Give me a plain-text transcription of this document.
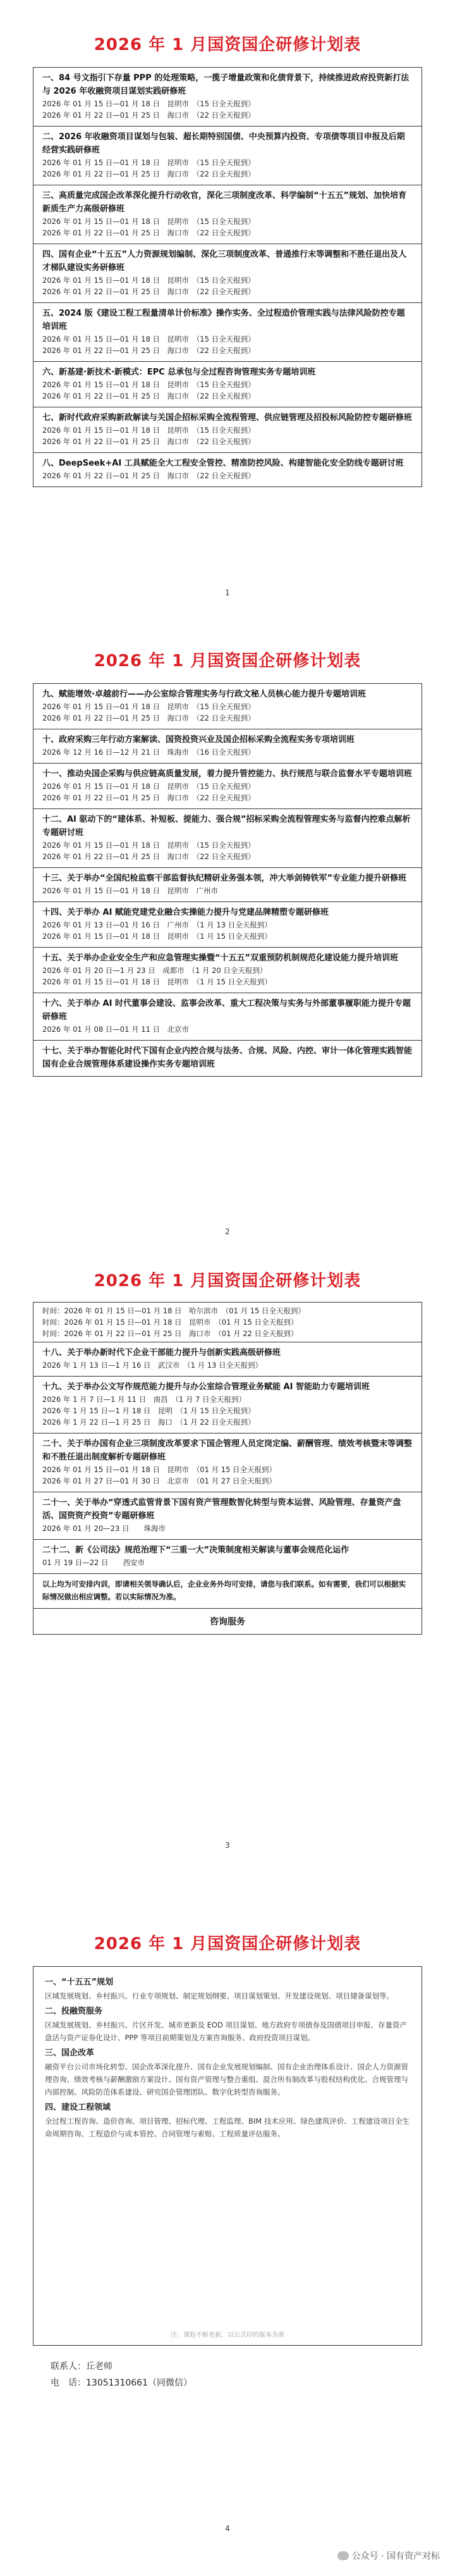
2026 年 1 月国资国企研修计划表
一、84 号文指引下存量 PPP 的处理策略，一揽子增量政策和化债背景下，持续推进政府投资新打法与 2026 年收融资项目谋划实践研修班
2026 年 01 月 15 日—01 月 18 日　昆明市　（15 日全天报到）
2026 年 01 月 22 日—01 月 25 日　海口市　（22 日全天报到）

二、2026 年收融资项目谋划与包装、超长期特别国债、中央预算内投资、专项债等项目申报及后期经营实践研修班
2026 年 01 月 15 日—01 月 18 日　昆明市　（15 日全天报到）
2026 年 01 月 22 日—01 月 25 日　海口市　（22 日全天报到）

三、高质量完成国企改革深化提升行动收官，深化三项制度改革、科学编制“十五五”规划、加快培育新质生产力高级研修班
2026 年 01 月 15 日—01 月 18 日　昆明市　（15 日全天报到）
2026 年 01 月 22 日—01 月 25 日　海口市　（22 日全天报到）

四、国有企业“十五五”人力资源规划编制、深化三项制度改革、普通推行末等调整和不胜任退出及人才梯队建设实务研修班
2026 年 01 月 15 日—01 月 18 日　昆明市　（15 日全天报到）
2026 年 01 月 22 日—01 月 25 日　海口市　（22 日全天报到）

五、2024 版《建设工程工程量清单计价标准》操作实务、全过程造价管理实践与法律风险防控专题培训班
2026 年 01 月 15 日—01 月 18 日　昆明市　（15 日全天报到）
2026 年 01 月 22 日—01 月 25 日　海口市　（22 日全天报到）

六、新基建·新技术·新模式：EPC 总承包与全过程咨询管理实务专题培训班
2026 年 01 月 15 日—01 月 18 日　昆明市　（15 日全天报到）
2026 年 01 月 22 日—01 月 25 日　海口市　（22 日全天报到）

七、新时代政府采购新政解读与关国企招标采购全流程管理、供应链管理及招投标风险防控专题研修班
2026 年 01 月 15 日—01 月 18 日　昆明市　（15 日全天报到）
2026 年 01 月 22 日—01 月 25 日　海口市　（22 日全天报到）

八、DeepSeek+AI 工具赋能全大工程安全管控、精准防控风险、构建智能化安全防线专题研讨班
2026 年 01 月 22 日—01 月 25 日　海口市　（22 日全天报到）
1
2026 年 1 月国资国企研修计划表
九、赋能增效·卓越前行——办公室综合管理实务与行政文秘人员核心能力提升专题培训班
2026 年 01 月 15 日—01 月 18 日　昆明市　（15 日全天报到）
2026 年 01 月 22 日—01 月 25 日　海口市　（22 日全天报到）

十、政府采购三年行动方案解读、国资投资兴业及国企招标采购全流程实务专项培训班
2026 年 12 月 16 日—12 月 21 日　珠海市　（16 日全天报到）

十一、推动央国企采购与供应链高质量发展，着力提升管控能力、执行规范与联合监督水平专题培训班
2026 年 01 月 15 日—01 月 18 日　昆明市　（15 日全天报到）
2026 年 01 月 22 日—01 月 25 日　海口市　（22 日全天报到）

十二、AI 驱动下的“建体系、补短板、提能力、强合规”招标采购全流程管理实务与监督内控难点解析专题研讨班
2026 年 01 月 15 日—01 月 18 日　昆明市　（15 日全天报到）
2026 年 01 月 22 日—01 月 25 日　海口市　（22 日全天报到）

十三、关于举办“全国纪检监察干部监督执纪精研业务强本领，冲大举剑铸铁军”专业能力提升研修班
2026 年 01 月 15 日—01 月 18 日　昆明市　广州市

十四、关于举办 AI 赋能党建党业融合实操能力提升与党建品牌精塑专题研修班
2026 年 01 月 13 日—01 月 16 日　广州市　（1 月 13 日全天报到）
2026 年 01 月 15 日—01 月 18 日　昆明市　（1 月 15 日全天报到）

十五、关于举办企业安全生产和应急管理实操暨“十五五”双重预防机制规范化建设能力提升培训班
2026 年 01 月 20 日—1 月 23 日　成都市　（1 月 20 日全天报到）
2026 年 01 月 15 日—01 月 18 日　昆明市　（1 月 15 日全天报到）

十六、关于举办 AI 时代董事会建设、监事会改革、重大工程决策与实务与外部董事履职能力提升专题研修班
2026 年 01 月 08 日—01 月 11 日　北京市

十七、关于举办智能化时代下国有企业内控合规与法务、合规、风险、内控、审计一体化管理实践智能国有企业合规管理体系建设操作实务专题培训班
2
2026 年 1 月国资国企研修计划表
时间：2026 年 01 月 15 日—01 月 18 日　哈尔滨市　（01 月 15 日全天报到）
时间：2026 年 01 月 15 日—01 月 18 日　昆明市　（01 月 15 日全天报到）
时间：2026 年 01 月 22 日—01 月 25 日　海口市　（01 月 22 日全天报到）

十八、关于举办新时代下企业干部能力提升与创新实践高级研修班
2026 年 1 月 13 日—1 月 16 日　武汉市　（1 月 13 日全天报到）

十九、关于举办公文写作规范能力提升与办公室综合管理业务赋能 AI 智能助力专题培训班
2026 年 1 月 7 日—1 月 11 日　南昌　（1 月 7 日全天报到）
2026 年 1 月 15 日—1 月 18 日　昆明　（1 月 15 日全天报到）
2026 年 1 月 22 日—1 月 25 日　海口　（1 月 22 日全天报到）

二十、关于举办国有企业三项制度改革要求下国企管理人员定岗定编、薪酬管理、绩效考核暨末等调整和不胜任退出制度解析专题研修班
2026 年 01 月 15 日—01 月 18 日　昆明市　（01 月 15 日全天报到）
2026 年 01 月 27 日—01 月 30 日　北京市　（01 月 27 日全天报到）

二十一、关于举办“穿透式监管背景下国有资产管理数智化转型与资本运营、风险管理、存量资产盘活、国资资产投资”专题研修班
2026 年 01 月 20—23 日　　珠海市

二十二、新《公司法》规范治理下“三重一大”决策制度相关解读与董事会规范化运作
01 月 19 日—22 日　　西安市

以上均为可安排内训，即请相关领导确认后，企业业务外均可安排，请您与我们联系。如有需要，我们可以根据实际情况做出相应调整。若以实际情况为准。

咨询服务
3
2026 年 1 月国资国企研修计划表
一、“十五五”规划
区域发展规划、乡村振兴、行业专项规划、制定规划纲要、项目谋划策划、开发建设规划、项目储备谋划等。
二、投融资服务
区域发展规划、乡村振兴、片区开发、城市更新及 EOD 项目谋划、地方政府专项债券及国债项目申报、存量资产盘活与资产证券化设计、PPP 等项目前期策划及方案咨询服务、政府投资项目谋划。
三、国企改革
融资平台公司市场化转型、国企改革深化提升、国有企业发展规划编制、国有企业治理体系设计、国企人力资源管理咨询、绩效考核与薪酬激励方案设计、国有资产管理与整合重组、混合所有制改革与股权结构优化、合规管理与内部控制、风险防范体系建设、研究国企管理团队、数字化转型咨询服务。
四、建设工程领域
全过程工程咨询、造价咨询、项目管理、招标代理、工程监理、BIM 技术应用、绿色建筑评价、工程建设项目全生命周期咨询、工程造价与成本管控、合同管理与索赔、工程质量评估服务。
注：课程不断更新，以公式印的版本为准
联系人：丘老师
电　话：13051310661（同微信）
4
公众号 · 国有资产对标
